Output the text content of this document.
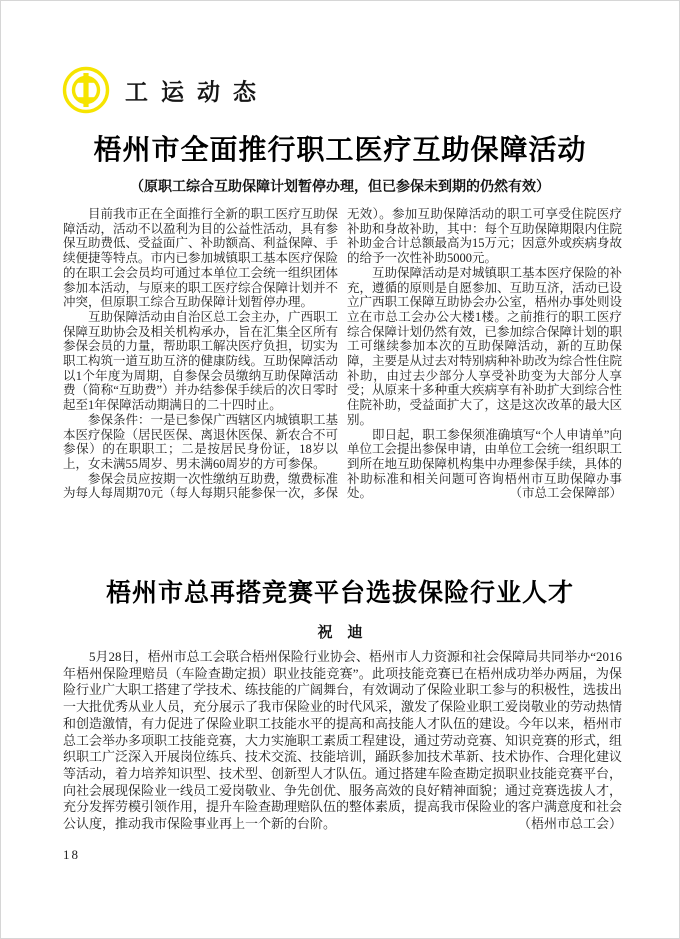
工运动态
梧州市全面推行职工医疗互助保障活动
（原职工综合互助保障计划暂停办理，但已参保未到期的仍然有效）

目前我市正在全面推行全新的职工医疗互助保障活动，活动不以盈利为目的公益性活动，具有参保互助费低、受益面广、补助额高、利益保障、手续便捷等特点。市内已参加城镇职工基本医疗保险的在职工会会员均可通过本单位工会统一组织团体参加本活动，与原来的职工医疗综合保障计划并不冲突，但原职工综合互助保障计划暂停办理。

互助保障活动由自治区总工会主办，广西职工保障互助协会及相关机构承办，旨在汇集全区所有参保会员的力量，帮助职工解决医疗负担，切实为职工构筑一道互助互济的健康防线。互助保障活动以1个年度为周期，自参保会员缴纳互助保障活动费（简称“互助费”）并办结参保手续后的次日零时起至1年保障活动期满日的二十四时止。

参保条件：一是已参保广西辖区内城镇职工基本医疗保险（居民医保、离退休医保、新农合不可参保）的在职职工；二是按居民身份证，18岁以上，女未满55周岁、男未满60周岁的方可参保。

参保会员应按期一次性缴纳互助费，缴费标准为每人每周期70元（每人每期只能参保一次，多保无效）。参加互助保障活动的职工可享受住院医疗补助和身故补助，其中：每个互助保障期限内住院补助金合计总额最高为15万元；因意外或疾病身故的给予一次性补助5000元。

互助保障活动是对城镇职工基本医疗保险的补充，遵循的原则是自愿参加、互助互济，活动已设立广西职工保障互助协会办公室，梧州办事处则设立在市总工会办公大楼1楼。之前推行的职工医疗综合保障计划仍然有效，已参加综合保障计划的职工可继续参加本次的互助保障活动，新的互助保障，主要是从过去对特别病种补助改为综合性住院补助，由过去少部分人享受补助变为大部分人享受；从原来十多种重大疾病享有补助扩大到综合性住院补助，受益面扩大了，这是这次改革的最大区别。

即日起，职工参保须准确填写“个人申请单”向单位工会提出参保申请，由单位工会统一组织职工到所在地互助保障机构集中办理参保手续，具体的补助标准和相关问题可咨询梧州市互助保障办事处。	（市总工会保障部）

梧州市总再搭竞赛平台选拔保险行业人才
祝　迪

5月28日，梧州市总工会联合梧州保险行业协会、梧州市人力资源和社会保障局共同举办“2016年梧州保险理赔员（车险查勘定损）职业技能竞赛”。此项技能竞赛已在梧州成功举办两届，为保险行业广大职工搭建了学技术、练技能的广阔舞台，有效调动了保险业职工参与的积极性，选拔出一大批优秀从业人员，充分展示了我市保险业的时代风采，激发了保险业职工爱岗敬业的劳动热情和创造激情，有力促进了保险业职工技能水平的提高和高技能人才队伍的建设。今年以来，梧州市总工会举办多项职工技能竞赛，大力实施职工素质工程建设，通过劳动竞赛、知识竞赛的形式，组织职工广泛深入开展岗位练兵、技术交流、技能培训，踊跃参加技术革新、技术协作、合理化建议等活动，着力培养知识型、技术型、创新型人才队伍。通过搭建车险查勘定损职业技能竞赛平台，向社会展现保险业一线员工爱岗敬业、争先创优、服务高效的良好精神面貌；通过竞赛选拔人才，充分发挥劳模引领作用，提升车险查勘理赔队伍的整体素质，提高我市保险业的客户满意度和社会公认度，推动我市保险事业再上一个新的台阶。	（梧州市总工会）

18
